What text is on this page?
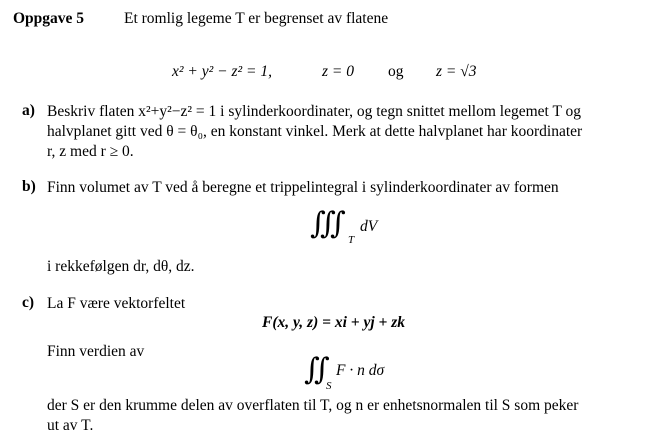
Oppgave 5	Et romlig legeme T er begrenset av flatene
x² + y² − z² = 1,	z = 0 og z = √3
a) Beskriv flaten x²+y²−z² = 1 i sylinderkoordinater, og tegn snittet mellom legemet T og
halvplanet gitt ved θ = θ₀, en konstant vinkel. Merk at dette halvplanet har koordinater
r, z med r ≥ 0.
b) Finn volumet av T ved å beregne et trippelintegral i sylinderkoordinater av formen
∭ T
dV
i rekkefølgen dr, dθ, dz.
c) La F være vektorfeltet
F(x, y, z) = xi + yj + zk
Finn verdien av
∬ S
F · n dσ
der S er den krumme delen av overflaten til T, og n er enhetsnormalen til S som peker
ut av T.
